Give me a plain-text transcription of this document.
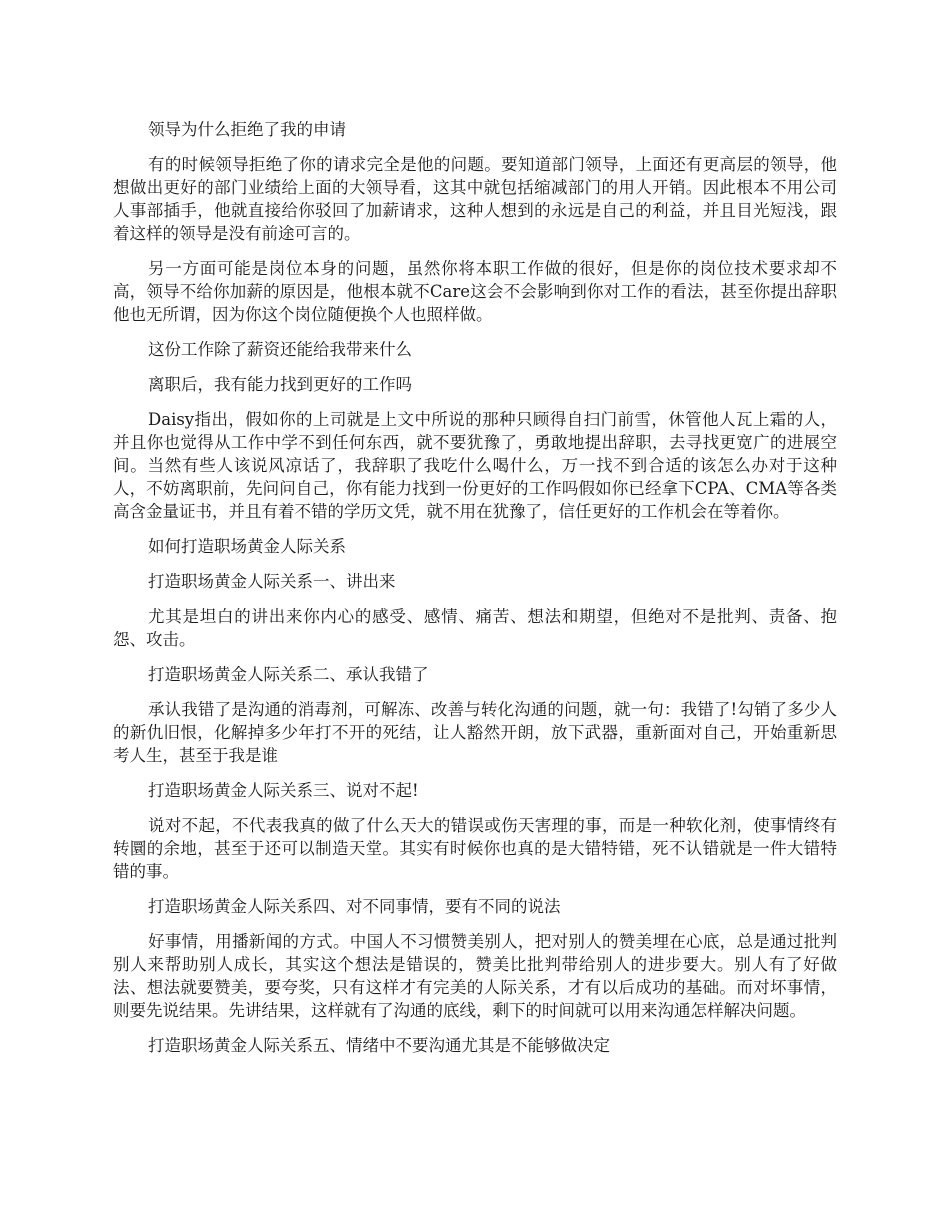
领导为什么拒绝了我的申请

有的时候领导拒绝了你的请求完全是他的问题。要知道部门领导，上面还有更高层的领导，他想做出更好的部门业绩给上面的大领导看，这其中就包括缩减部门的用人开销。因此根本不用公司人事部插手，他就直接给你驳回了加薪请求，这种人想到的永远是自己的利益，并且目光短浅，跟着这样的领导是没有前途可言的。

另一方面可能是岗位本身的问题，虽然你将本职工作做的很好，但是你的岗位技术要求却不高，领导不给你加薪的原因是，他根本就不Care这会不会影响到你对工作的看法，甚至你提出辞职他也无所谓，因为你这个岗位随便换个人也照样做。

这份工作除了薪资还能给我带来什么

离职后，我有能力找到更好的工作吗

Daisy指出，假如你的上司就是上文中所说的那种只顾得自扫门前雪，休管他人瓦上霜的人，并且你也觉得从工作中学不到任何东西，就不要犹豫了，勇敢地提出辞职，去寻找更宽广的进展空间。当然有些人该说风凉话了，我辞职了我吃什么喝什么，万一找不到合适的该怎么办对于这种人，不妨离职前，先问问自己，你有能力找到一份更好的工作吗假如你已经拿下CPA、CMA等各类高含金量证书，并且有着不错的学历文凭，就不用在犹豫了，信任更好的工作机会在等着你。

如何打造职场黄金人际关系

打造职场黄金人际关系一、讲出来

尤其是坦白的讲出来你内心的感受、感情、痛苦、想法和期望，但绝对不是批判、责备、抱怨、攻击。

打造职场黄金人际关系二、承认我错了

承认我错了是沟通的消毒剂，可解冻、改善与转化沟通的问题，就一句：我错了!勾销了多少人的新仇旧恨，化解掉多少年打不开的死结，让人豁然开朗，放下武器，重新面对自己，开始重新思考人生，甚至于我是谁

打造职场黄金人际关系三、说对不起!

说对不起，不代表我真的做了什么天大的错误或伤天害理的事，而是一种软化剂，使事情终有转圜的余地，甚至于还可以制造天堂。其实有时候你也真的是大错特错，死不认错就是一件大错特错的事。

打造职场黄金人际关系四、对不同事情，要有不同的说法

好事情，用播新闻的方式。中国人不习惯赞美别人，把对别人的赞美埋在心底，总是通过批判别人来帮助别人成长，其实这个想法是错误的，赞美比批判带给别人的进步要大。别人有了好做法、想法就要赞美，要夸奖，只有这样才有完美的人际关系，才有以后成功的基础。而对坏事情，则要先说结果。先讲结果，这样就有了沟通的底线，剩下的时间就可以用来沟通怎样解决问题。

打造职场黄金人际关系五、情绪中不要沟通尤其是不能够做决定
